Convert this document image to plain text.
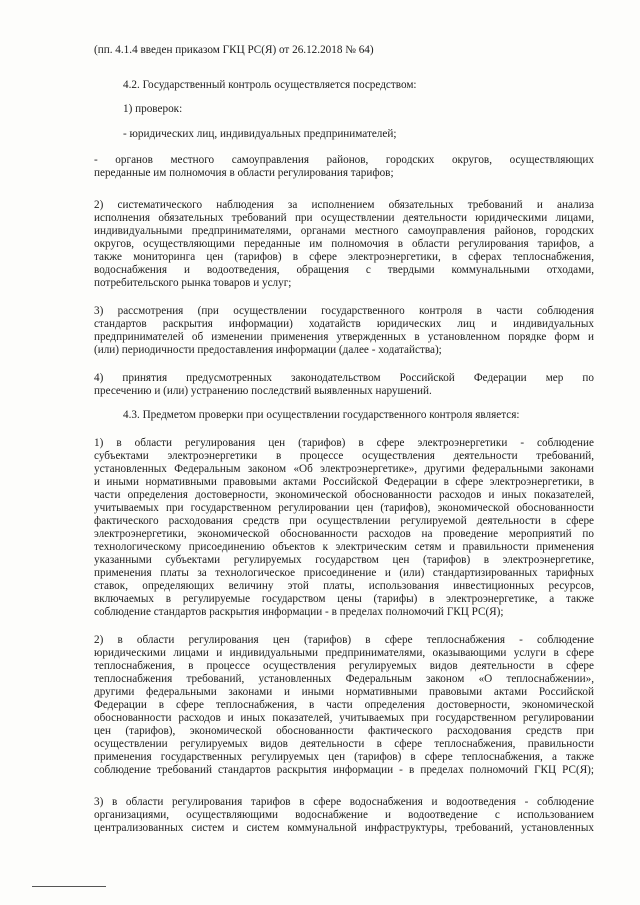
(пп. 4.1.4 введен приказом ГКЦ РС(Я) от 26.12.2018 № 64)
4.2. Государственный контроль осуществляется посредством:
1) проверок:
- юридических лиц, индивидуальных предпринимателей;
- органов местного самоуправления районов, городских округов, осуществляющих
переданные им полномочия в области регулирования тарифов;
2) систематического наблюдения за исполнением обязательных требований и анализа
исполнения обязательных требований при осуществлении деятельности юридическими лицами,
индивидуальными предпринимателями, органами местного самоуправления районов, городских
округов, осуществляющими переданные им полномочия в области регулирования тарифов, а
также мониторинга цен (тарифов) в сфере электроэнергетики, в сферах теплоснабжения,
водоснабжения и водоотведения, обращения с твердыми коммунальными отходами,
потребительского рынка товаров и услуг;
3) рассмотрения (при осуществлении государственного контроля в части соблюдения
стандартов раскрытия информации) ходатайств юридических лиц и индивидуальных
предпринимателей об изменении применения утвержденных в установленном порядке форм и
(или) периодичности предоставления информации (далее - ходатайства);
4) принятия предусмотренных законодательством Российской Федерации мер по
пресечению и (или) устранению последствий выявленных нарушений.
4.3. Предметом проверки при осуществлении государственного контроля является:
1) в области регулирования цен (тарифов) в сфере электроэнергетики - соблюдение
субъектами электроэнергетики в процессе осуществления деятельности требований,
установленных Федеральным законом «Об электроэнергетике», другими федеральными законами
и иными нормативными правовыми актами Российской Федерации в сфере электроэнергетики, в
части определения достоверности, экономической обоснованности расходов и иных показателей,
учитываемых при государственном регулировании цен (тарифов), экономической обоснованности
фактического расходования средств при осуществлении регулируемой деятельности в сфере
электроэнергетики, экономической обоснованности расходов на проведение мероприятий по
технологическому присоединению объектов к электрическим сетям и правильности применения
указанными субъектами регулируемых государством цен (тарифов) в электроэнергетике,
применения платы за технологическое присоединение и (или) стандартизированных тарифных
ставок, определяющих величину этой платы, использования инвестиционных ресурсов,
включаемых в регулируемые государством цены (тарифы) в электроэнергетике, а также
соблюдение стандартов раскрытия информации - в пределах полномочий ГКЦ РС(Я);
2) в области регулирования цен (тарифов) в сфере теплоснабжения - соблюдение
юридическими лицами и индивидуальными предпринимателями, оказывающими услуги в сфере
теплоснабжения, в процессе осуществления регулируемых видов деятельности в сфере
теплоснабжения требований, установленных Федеральным законом «О теплоснабжении»,
другими федеральными законами и иными нормативными правовыми актами Российской
Федерации в сфере теплоснабжения, в части определения достоверности, экономической
обоснованности расходов и иных показателей, учитываемых при государственном регулировании
цен (тарифов), экономической обоснованности фактического расходования средств при
осуществлении регулируемых видов деятельности в сфере теплоснабжения, правильности
применения государственных регулируемых цен (тарифов) в сфере теплоснабжения, а также
соблюдение требований стандартов раскрытия информации - в пределах полномочий ГКЦ РС(Я);
3) в области регулирования тарифов в сфере водоснабжения и водоотведения - соблюдение
организациями, осуществляющими водоснабжение и водоотведение с использованием
централизованных систем и систем коммунальной инфраструктуры, требований, установленных
